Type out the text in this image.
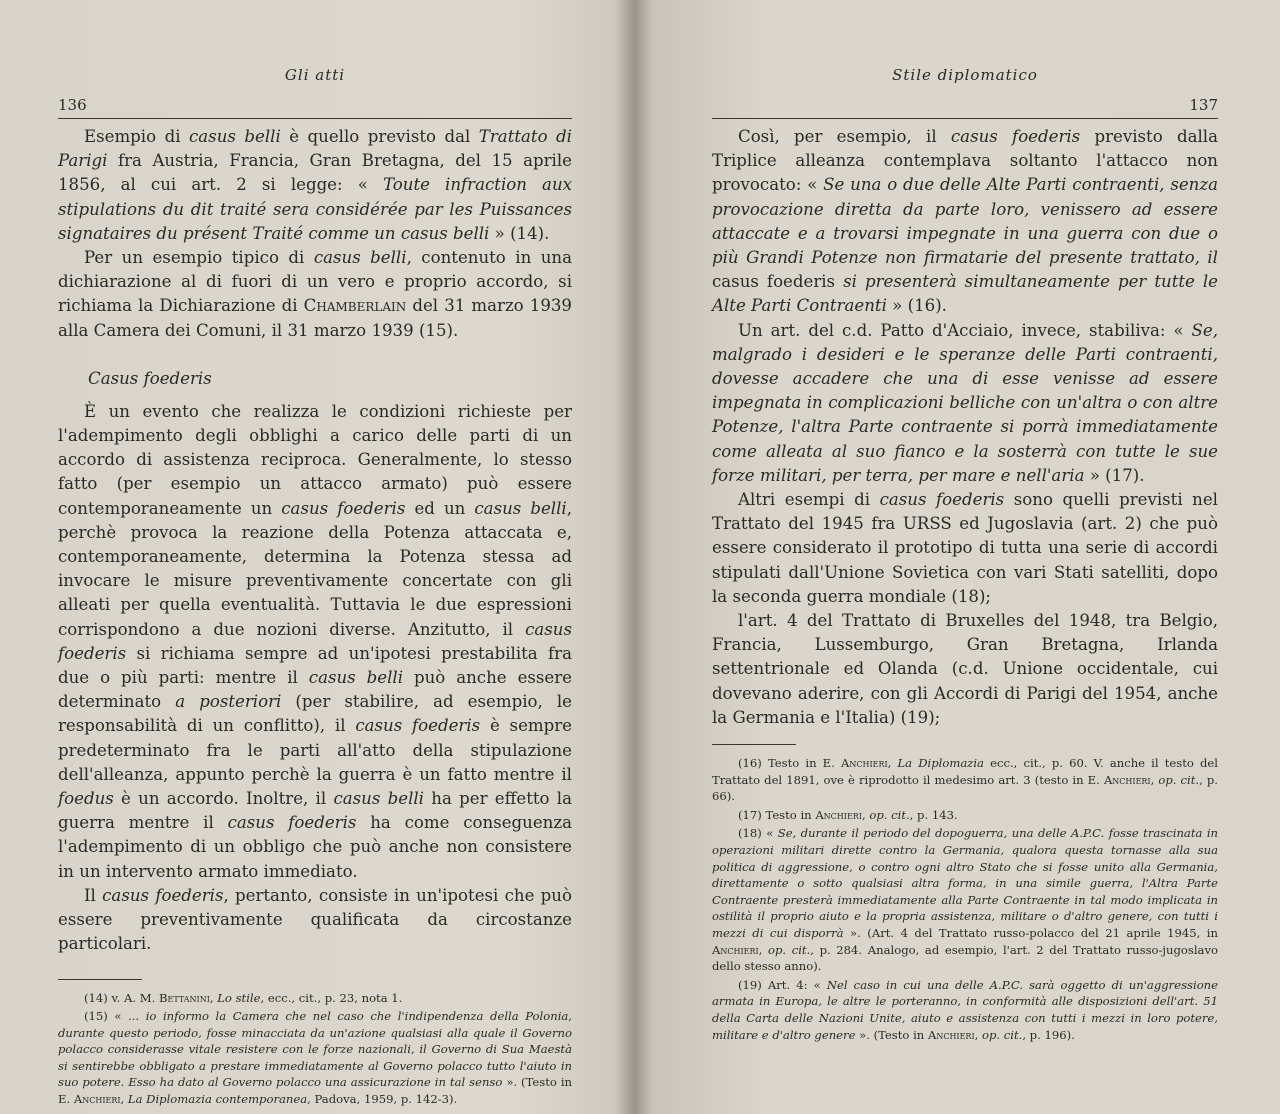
Gli atti
136

Esempio di casus belli è quello previsto dal Trattato di Parigi fra Austria, Francia, Gran Bretagna, del 15 aprile 1856, al cui art. 2 si legge: « Toute infraction aux stipulations du dit traité sera considérée par les Puissances signataires du présent Traité comme un casus belli » (14).

Per un esempio tipico di casus belli, contenuto in una dichiarazione al di fuori di un vero e proprio accordo, si richiama la Dichiarazione di Chamberlain del 31 marzo 1939 alla Camera dei Comuni, il 31 marzo 1939 (15).

Casus foederis

È un evento che realizza le condizioni richieste per l'adempimento degli obblighi a carico delle parti di un accordo di assistenza reciproca. Generalmente, lo stesso fatto (per esempio un attacco armato) può essere contemporaneamente un casus foederis ed un casus belli, perchè provoca la reazione della Potenza attaccata e, contemporaneamente, determina la Potenza stessa ad invocare le misure preventivamente concertate con gli alleati per quella eventualità. Tuttavia le due espressioni corrispondono a due nozioni diverse. Anzitutto, il casus foederis si richiama sempre ad un'ipotesi prestabilita fra due o più parti: mentre il casus belli può anche essere determinato a posteriori (per stabilire, ad esempio, le responsabilità di un conflitto), il casus foederis è sempre predeterminato fra le parti all'atto della stipulazione dell'alleanza, appunto perchè la guerra è un fatto mentre il foedus è un accordo. Inoltre, il casus belli ha per effetto la guerra mentre il casus foederis ha come conseguenza l'adempimento di un obbligo che può anche non consistere in un intervento armato immediato.

Il casus foederis, pertanto, consiste in un'ipotesi che può essere preventivamente qualificata da circostanze particolari.

(14) v. A. M. Bettanini, Lo stile, ecc., cit., p. 23, nota 1.

(15) « ... io informo la Camera che nel caso che l'indipendenza della Polonia, durante questo periodo, fosse minacciata da un'azione qualsiasi alla quale il Governo polacco considerasse vitale resistere con le forze nazionali, il Governo di Sua Maestà si sentirebbe obbligato a prestare immediatamente al Governo polacco tutto l'aiuto in suo potere. Esso ha dato al Governo polacco una assicurazione in tal senso ». (Testo in E. Anchieri, La Diplomazia contemporanea, Padova, 1959, p. 142-3).

Stile diplomatico
137

Così, per esempio, il casus foederis previsto dalla Triplice alleanza contemplava soltanto l'attacco non provocato: « Se una o due delle Alte Parti contraenti, senza provocazione diretta da parte loro, venissero ad essere attaccate e a trovarsi impegnate in una guerra con due o più Grandi Potenze non firmatarie del presente trattato, il casus foederis si presenterà simultaneamente per tutte le Alte Parti Contraenti » (16).

Un art. del c.d. Patto d'Acciaio, invece, stabiliva: « Se, malgrado i desideri e le speranze delle Parti contraenti, dovesse accadere che una di esse venisse ad essere impegnata in complicazioni belliche con un'altra o con altre Potenze, l'altra Parte contraente si porrà immediatamente come alleata al suo fianco e la sosterrà con tutte le sue forze militari, per terra, per mare e nell'aria » (17).

Altri esempi di casus foederis sono quelli previsti nel Trattato del 1945 fra URSS ed Jugoslavia (art. 2) che può essere considerato il prototipo di tutta una serie di accordi stipulati dall'Unione Sovietica con vari Stati satelliti, dopo la seconda guerra mondiale (18);

l'art. 4 del Trattato di Bruxelles del 1948, tra Belgio, Francia, Lussemburgo, Gran Bretagna, Irlanda settentrionale ed Olanda (c.d. Unione occidentale, cui dovevano aderire, con gli Accordi di Parigi del 1954, anche la Germania e l'Italia) (19);

(16) Testo in E. Anchieri, La Diplomazia ecc., cit., p. 60. V. anche il testo del Trattato del 1891, ove è riprodotto il medesimo art. 3 (testo in E. Anchieri, op. cit., p. 66).

(17) Testo in Anchieri, op. cit., p. 143.

(18) « Se, durante il periodo del dopoguerra, una delle A.P.C. fosse trascinata in operazioni militari dirette contro la Germania, qualora questa tornasse alla sua politica di aggressione, o contro ogni altro Stato che si fosse unito alla Germania, direttamente o sotto qualsiasi altra forma, in una simile guerra, l'Altra Parte Contraente presterà immediatamente alla Parte Contraente in tal modo implicata in ostilità il proprio aiuto e la propria assistenza, militare o d'altro genere, con tutti i mezzi di cui disporrà ». (Art. 4 del Trattato russo-polacco del 21 aprile 1945, in Anchieri, op. cit., p. 284. Analogo, ad esempio, l'art. 2 del Trattato russo-jugoslavo dello stesso anno).

(19) Art. 4: « Nel caso in cui una delle A.P.C. sarà oggetto di un'aggressione armata in Europa, le altre le porteranno, in conformità alle disposizioni dell'art. 51 della Carta delle Nazioni Unite, aiuto e assistenza con tutti i mezzi in loro potere, militare e d'altro genere ». (Testo in Anchieri, op. cit., p. 196).
